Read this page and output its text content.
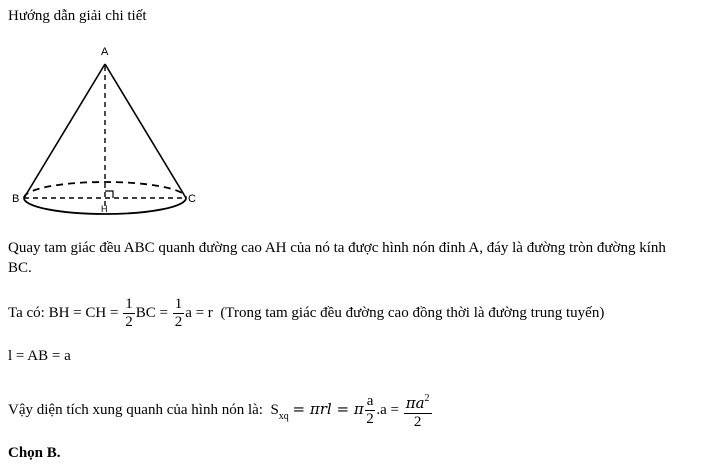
Hướng dẫn giải chi tiết
A
B	C
H
Quay tam giác đều ABC quanh đường cao AH của nó ta được hình nón đỉnh A, đáy là đường tròn đường kính
BC.
Ta có: BH = CH = $\frac{1}{2}$ BC = $\frac{1}{2}$ a = r (Trong tam giác đều đường cao đồng thời là đường trung tuyến)
l = AB = a
Vậy diện tích xung quanh của hình nón là: $S_{xq} = \pi rl = \pi \frac{a}{2} .a = \frac{\pi a^2}{2}$
Chọn B.
